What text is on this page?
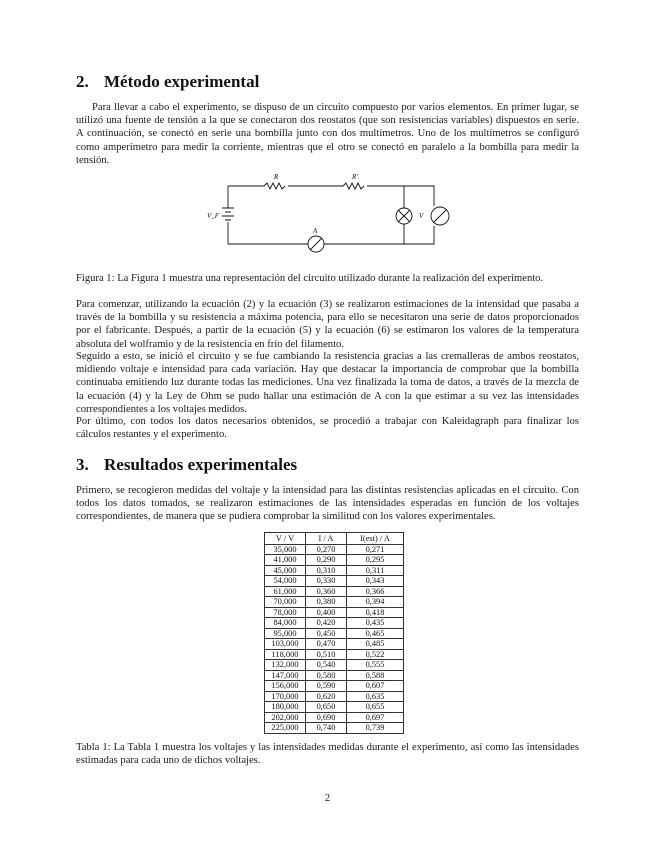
2. Método experimental

Para llevar a cabo el experimento, se dispuso de un circuito compuesto por varios elementos. En primer lugar, se utilizó una fuente de tensión a la que se conectaron dos reostatos (que son resistencias variables) dispuestos en serie. A continuación, se conectó en serie una bombilla junto con dos multímetros. Uno de los multímetros se configuró como amperímetro para medir la corriente, mientras que el otro se conectó en paralelo a la bombilla para medir la tensión.

V_F
R	R'
A
V

Figura 1: La Figura 1 muestra una representación del circuito utilizado durante la realización del experimento.

Para comenzar, utilizando la ecuación (2) y la ecuación (3) se realizaron estimaciones de la intensidad que pasaba a través de la bombilla y su resistencia a máxima potencia, para ello se necesitaron una serie de datos proporcionados por el fabricante. Después, a partir de la ecuación (5) y la ecuación (6) se estimaron los valores de la temperatura absoluta del wolframio y de la resistencia en frío del filamento.

Seguido a esto, se inició el circuito y se fue cambiando la resistencia gracias a las cremalleras de ambos reostatos, midiendo voltaje e intensidad para cada variación. Hay que destacar la importancia de comprobar que la bombilla continuaba emitiendo luz durante todas las mediciones. Una vez finalizada la toma de datos, a través de la mezcla de la ecuación (4) y la Ley de Ohm se pudo hallar una estimación de A con la que estimar a su vez las intensidades correspondientes a los voltajes medidos.

Por último, con todos los datos necesarios obtenidos, se procedió a trabajar con Kaleidagraph para finalizar los cálculos restantes y el experimento.

3. Resultados experimentales

Primero, se recogieron medidas del voltaje y la intensidad para las distintas resistencias aplicadas en el circuito. Con todos los datos tomados, se realizaron estimaciones de las intensidades esperadas en función de los voltajes correspondientes, de manera que se pudiera comprobar la similitud con los valores experimentales.

V / V	I / A	I(est) / A
35,000	0,270	0,271
41,000	0,290	0,295
45,000	0,310	0,311
54,000	0,330	0,343
61,000	0,360	0,366
70,000	0,380	0,394
78,000	0,400	0,418
84,000	0,420	0,435
95,000	0,450	0,465
103,000	0,470	0,485
118,000	0,510	0,522
132,000	0,540	0,555
147,000	0,580	0,588
156,000	0,590	0,607
170,000	0,620	0,635
180,000	0,650	0,655
202,000	0,690	0,697
225,000	0,740	0,739

Tabla 1: La Tabla 1 muestra los voltajes y las intensidades medidas durante el experimento, así como las intensidades estimadas para cada uno de dichos voltajes.

2
